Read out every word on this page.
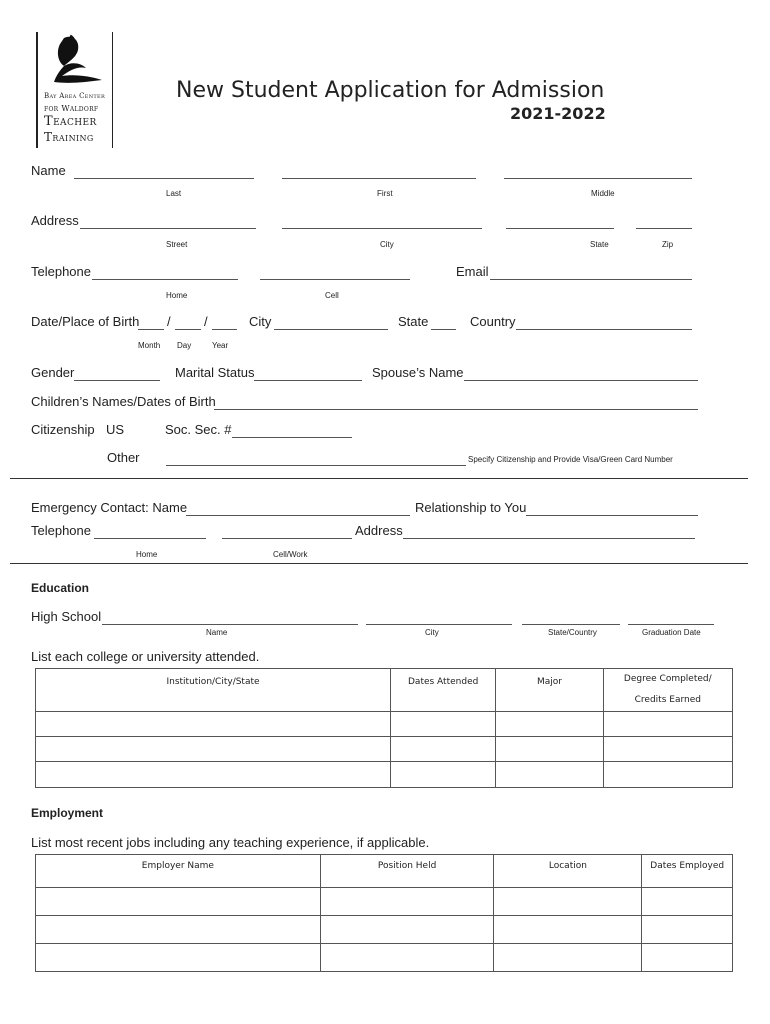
Bay Area Center
for Waldorf
Teacher
Training
New Student Application for Admission
2021-2022
Name
Last	First	Middle
Address
Street	City	State	Zip
Telephone	Email
Home	Cell
Date/Place of Birth /	/	City	State	Country
Month Day	Year
Gender	Marital Status	Spouse’s Name
Children’s Names/Dates of Birth
Citizenship US	Soc. Sec. #
Other	Specify Citizenship and Provide Visa/Green Card Number
Emergency Contact: Name	Relationship to You
Telephone	Address
Home	Cell/Work
Education
High School
Name	City	State/Country	Graduation Date
List each college or university attended.
Institution/City/State	Dates Attended	Major	Degree Completed/
Credits Earned

Employment
List most recent jobs including any teaching experience, if applicable.
Employer Name	Position Held	Location	Dates Employed
